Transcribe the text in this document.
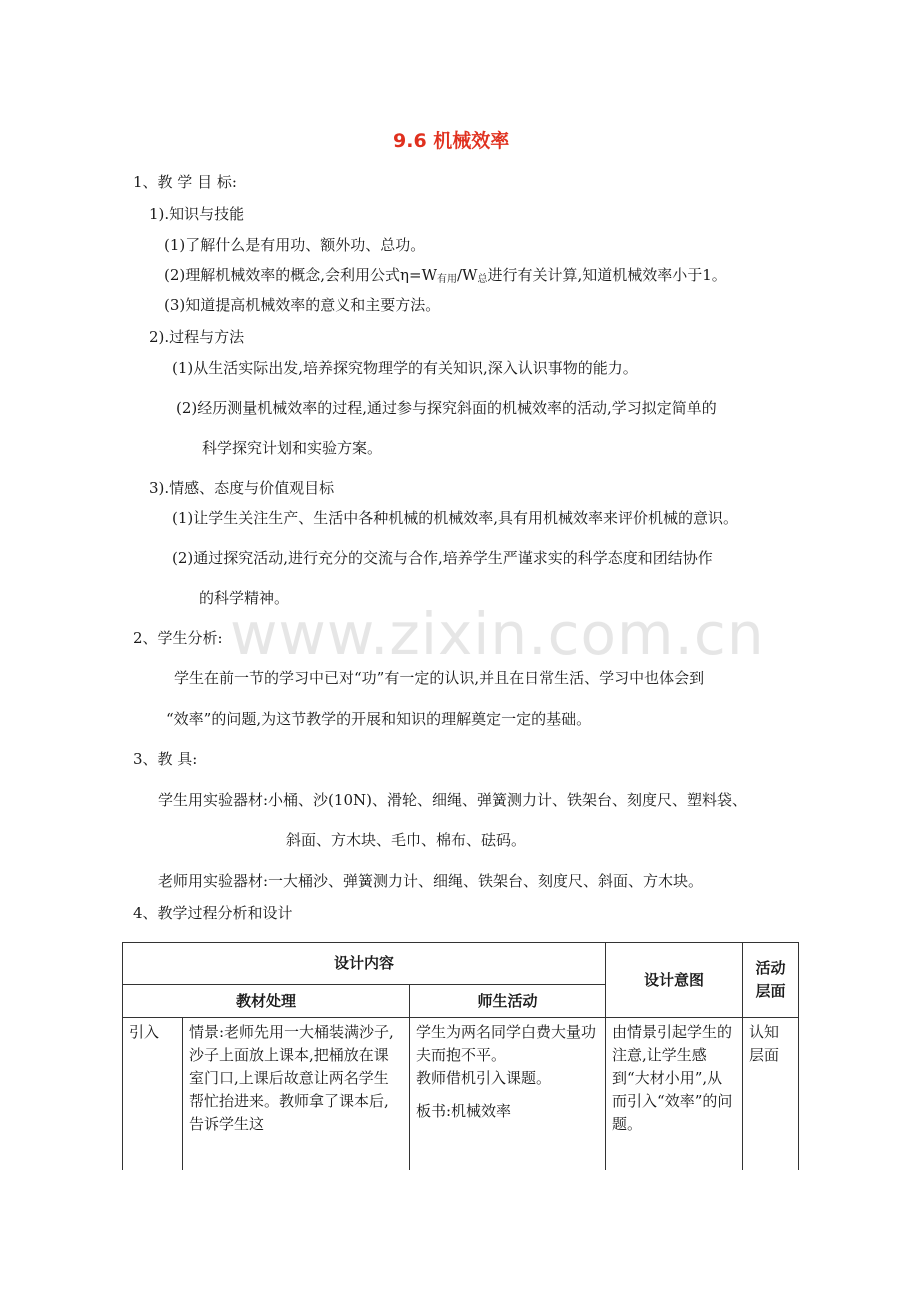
9.6 机械效率
www.zixin.com.cn
1、教 学 目 标:
1).知识与技能
(1)了解什么是有用功、额外功、总功。
(2)理解机械效率的概念,会利用公式$\eta=W_{有用}/W_总$进行有关计算,知道机械效率小于1。
(3)知道提高机械效率的意义和主要方法。
2).过程与方法
(1)从生活实际出发,培养探究物理学的有关知识,深入认识事物的能力。
(2)经历测量机械效率的过程,通过参与探究斜面的机械效率的活动,学习拟定简单的
科学探究计划和实验方案。
3).情感、态度与价值观目标
(1)让学生关注生产、生活中各种机械的机械效率,具有用机械效率来评价机械的意识。
(2)通过探究活动,进行充分的交流与合作,培养学生严谨求实的科学态度和团结协作
的科学精神。
2、学生分析:
学生在前一节的学习中已对“功”有一定的认识,并且在日常生活、学习中也体会到
“效率”的问题,为这节教学的开展和知识的理解奠定一定的基础。
3、教 具:
学生用实验器材:小桶、沙(10N)、滑轮、细绳、弹簧测力计、铁架台、刻度尺、塑料袋、
斜面、方木块、毛巾、棉布、砝码。
老师用实验器材:一大桶沙、弹簧测力计、细绳、铁架台、刻度尺、斜面、方木块。
4、教学过程分析和设计
设计内容			设计意图	活动层面
教材处理		师生活动		
引入	情景:老师先用一大桶装满沙子,沙子上面放上课本,把桶放在课室门口,上课后故意让两名学生帮忙抬进来。教师拿了课本后,告诉学生这	学生为两名同学白费大量功夫而抱不平。
教师借机引入课题。
板书:机械效率	由情景引起学生的注意,让学生感到“大材小用”,从而引入“效率”的问题。	认知层面
